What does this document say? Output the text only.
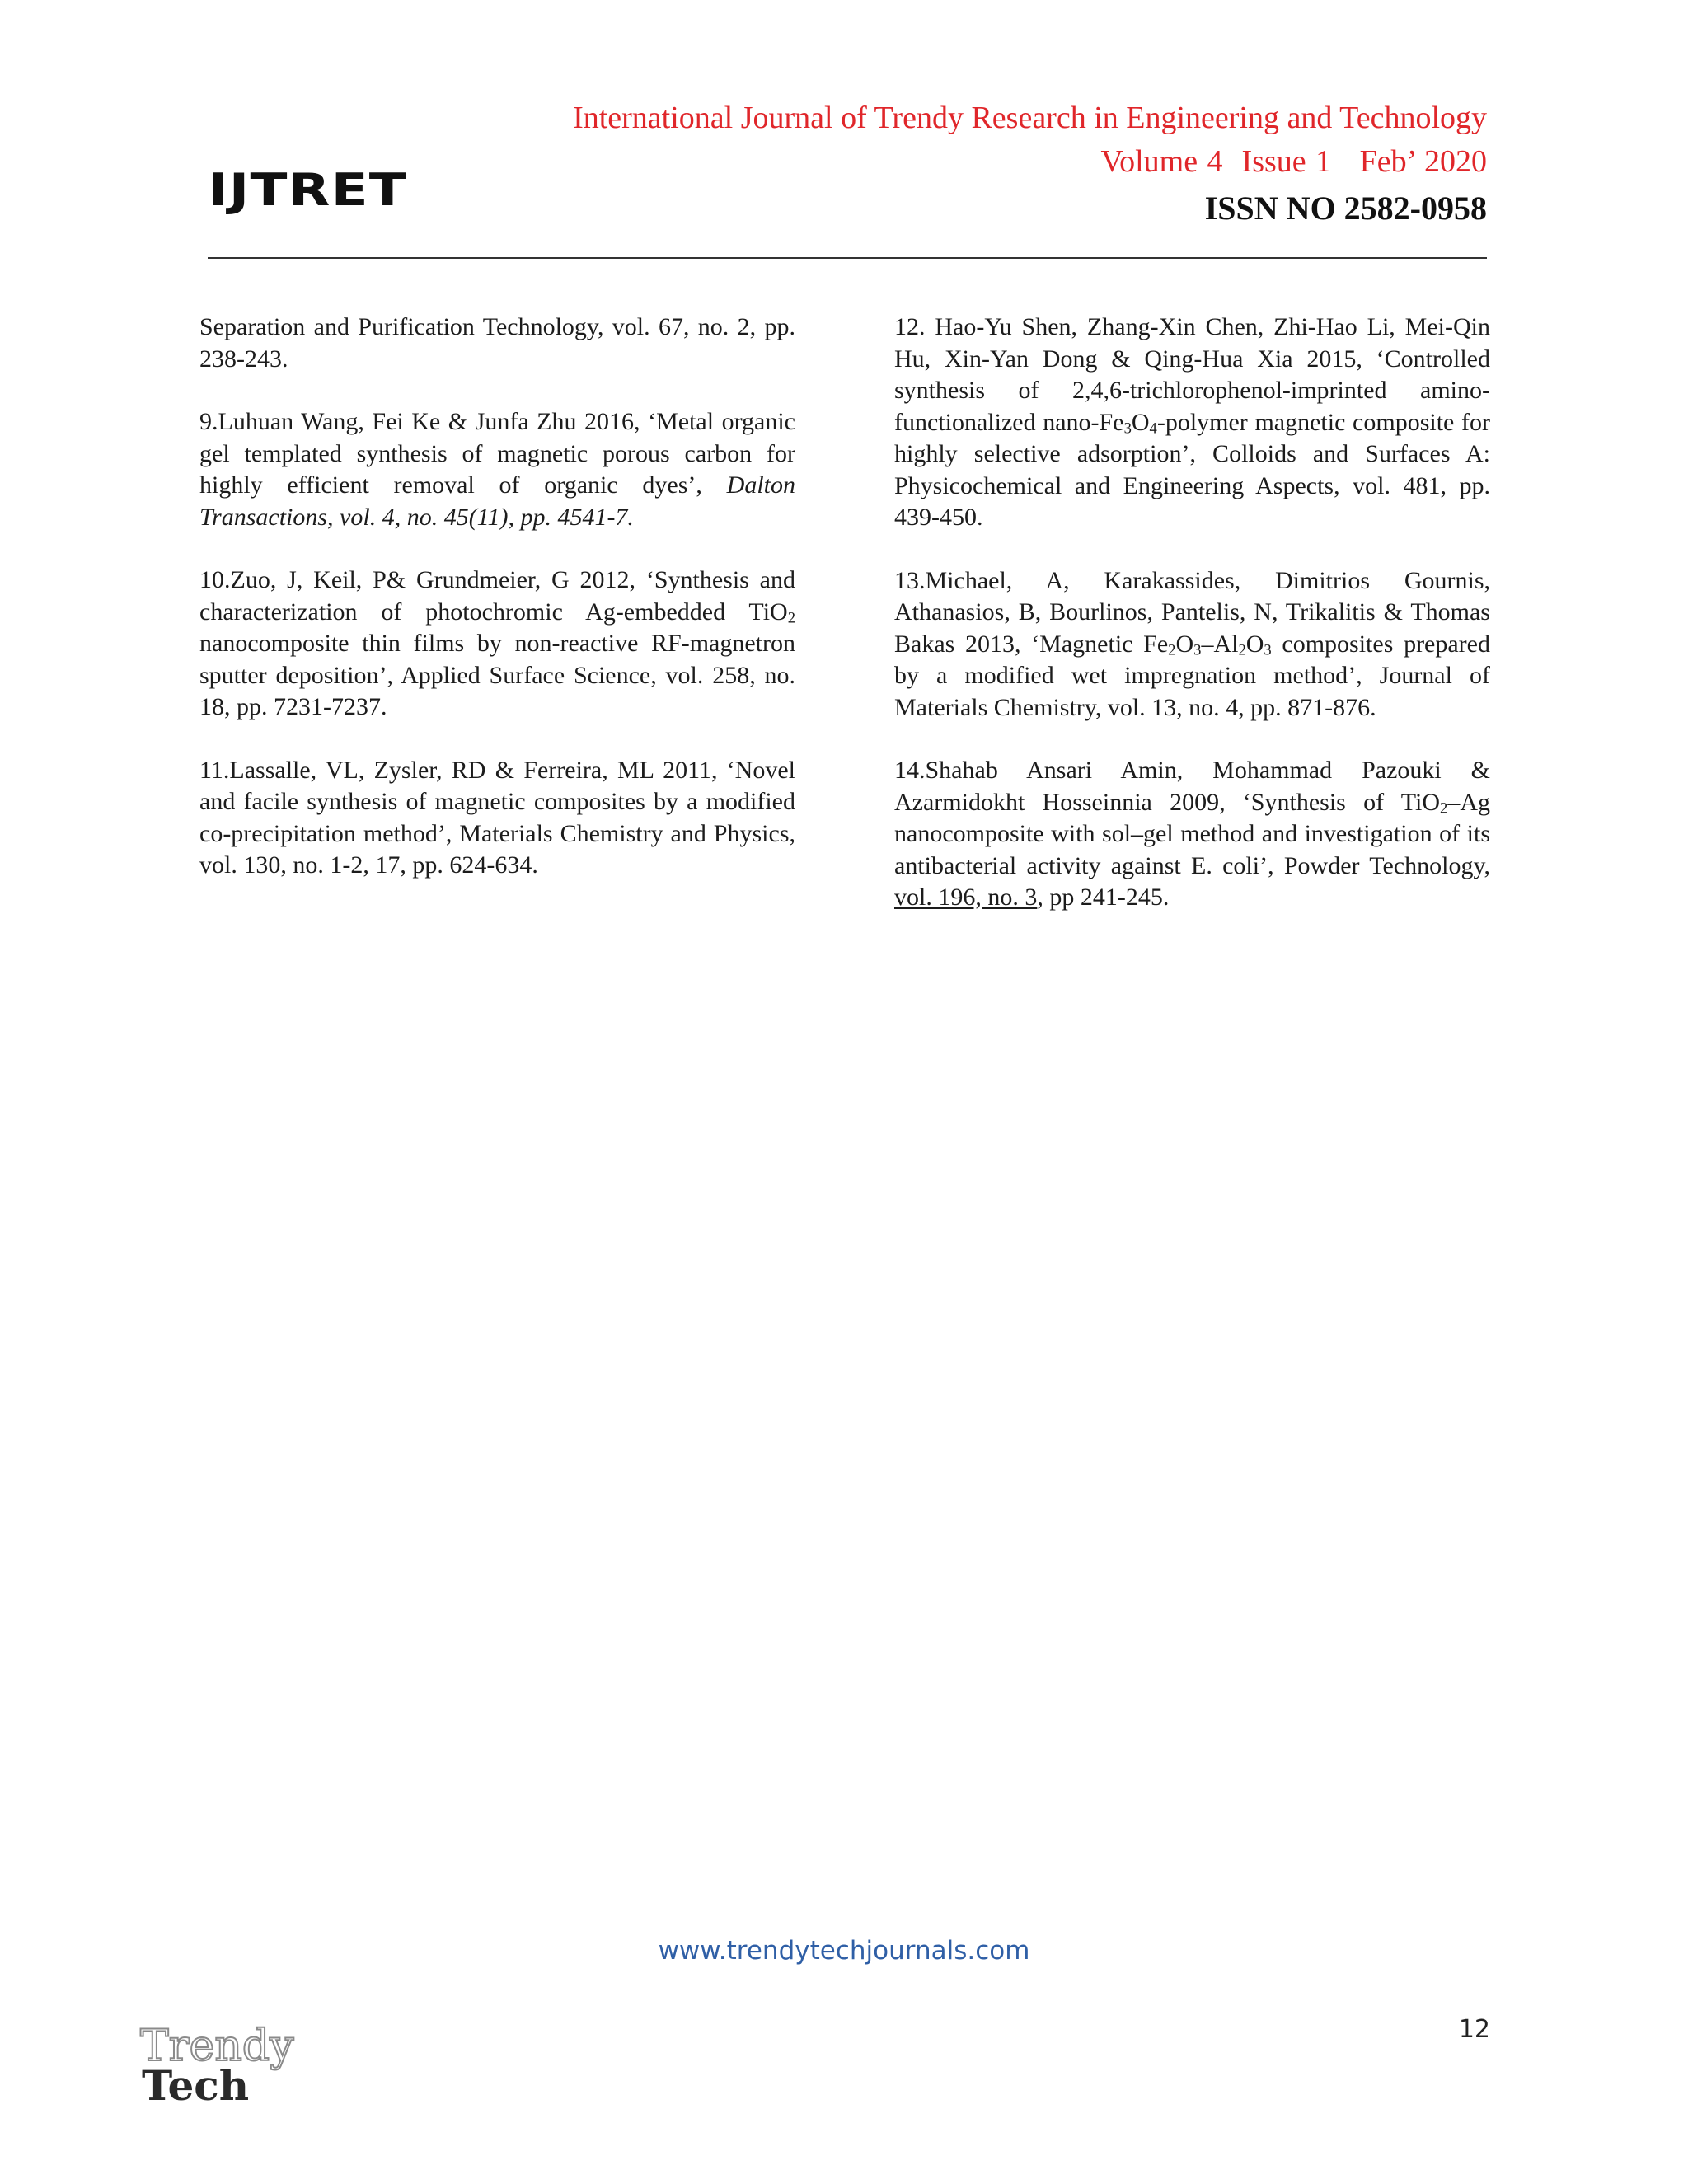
IJTRET
International Journal of Trendy Research in Engineering and Technology
Volume 4  Issue 1   Feb’ 2020
ISSN NO 2582-0958

Separation and Purification Technology, vol. 67, no. 2, pp. 238-243.

9.Luhuan Wang, Fei Ke & Junfa Zhu 2016, ‘Metal organic gel templated synthesis of magnetic porous carbon for highly efficient removal of organic dyes’, Dalton Transactions, vol. 4, no. 45(11), pp. 4541-7.

10.Zuo, J, Keil, P& Grundmeier, G 2012, ‘Synthesis and characterization of photochromic Ag-embedded TiO$_2$ nanocomposite thin films by non-reactive RF-magnetron sputter deposition’, Applied Surface Science, vol. 258, no. 18, pp. 7231-7237.

11.Lassalle, VL, Zysler, RD & Ferreira, ML 2011, ‘Novel and facile synthesis of magnetic composites by a modified co-precipitation method’, Materials Chemistry and Physics, vol. 130, no. 1-2, 17, pp. 624-634.

12. Hao-Yu Shen, Zhang-Xin Chen, Zhi-Hao Li, Mei-Qin Hu, Xin-Yan Dong & Qing-Hua Xia 2015, ‘Controlled synthesis of 2,4,6-trichlorophenol-imprinted amino-functionalized nano-$Fe_3O_4$-polymer magnetic composite for highly selective adsorption’, Colloids and Surfaces A: Physicochemical and Engineering Aspects, vol. 481, pp. 439-450.

13.Michael, A, Karakassides, Dimitrios Gournis, Athanasios, B, Bourlinos, Pantelis, N, Trikalitis & Thomas Bakas 2013, ‘Magnetic $Fe_2O_3-Al_2O_3$ composites prepared by a modified wet impregnation method’, Journal of Materials Chemistry, vol. 13, no. 4, pp. 871-876.

14.Shahab Ansari Amin, Mohammad Pazouki & Azarmidokht Hosseinnia 2009, ‘Synthesis of TiO$_2$–Ag nanocomposite with sol–gel method and investigation of its antibacterial activity against E. coli’, Powder Technology, vol. 196, no. 3, pp 241-245.

www.trendytechjournals.com
12
Trendy
Tech
